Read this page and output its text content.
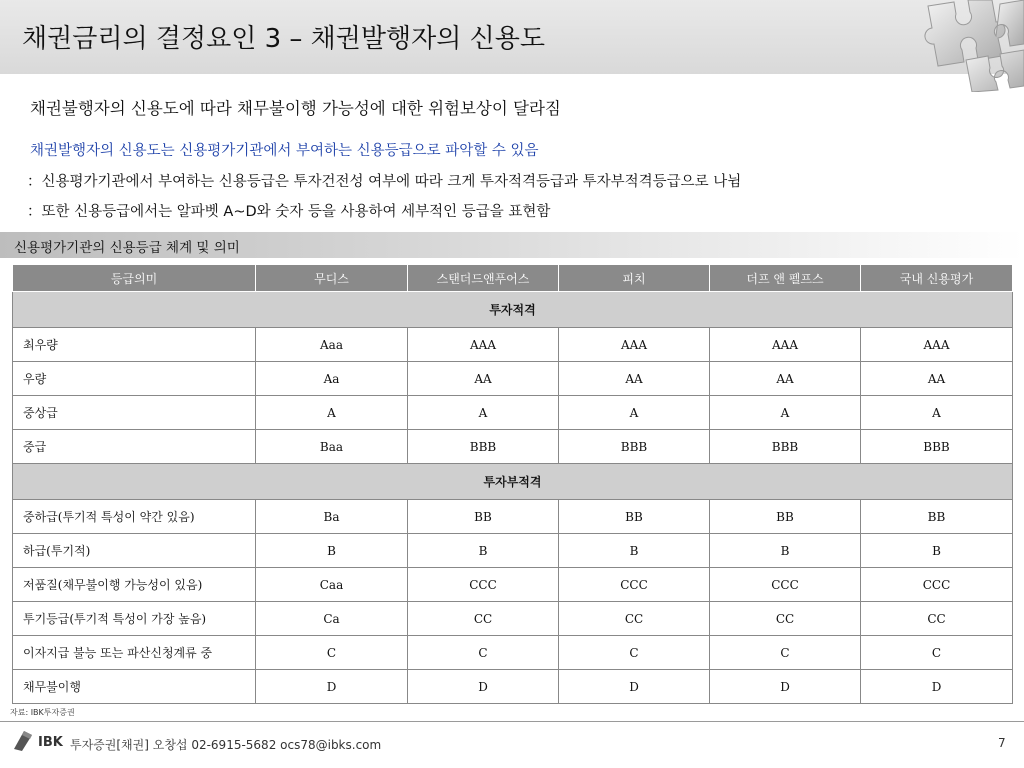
채권금리의 결정요인 3 – 채권발행자의 신용도
채권불행자의 신용도에 따라 채무불이행 가능성에 대한 위험보상이 달라짐
채권발행자의 신용도는 신용평가기관에서 부여하는 신용등급으로 파악할 수 있음
：신용평가기관에서 부여하는 신용등급은 투자건전성 여부에 따라 크게 투자적격등급과 투자부적격등급으로 나뉨
：또한 신용등급에서는 알파벳 A~D와 숫자 등을 사용하여 세부적인 등급을 표현함
신용평가기관의 신용등급 체계 및 의미
등급의미	무디스	스탠더드앤푸어스	피치	더프 앤 펠프스	국내 신용평가
투자적격					
최우량	Aaa	AAA	AAA	AAA	AAA
우량	Aa	AA	AA	AA	AA
중상급	A	A	A	A	A
중급	Baa	BBB	BBB	BBB	BBB
투자부적격					
중하급(투기적 특성이 약간 있음)	Ba	BB	BB	BB	BB
하급(투기적)	B	B	B	B	B
저품질(채무불이행 가능성이 있음)	Caa	CCC	CCC	CCC	CCC
투기등급(투기적 특성이 가장 높음)	Ca	CC	CC	CC	CC
이자지급 불능 또는 파산신청계류 중	C	C	C	C	C
채무불이행	D	D	D	D	D
자료: IBK투자증권
IBK 투자증권[채권] 오창섭 02-6915-5682 ocs78@ibks.com	7
